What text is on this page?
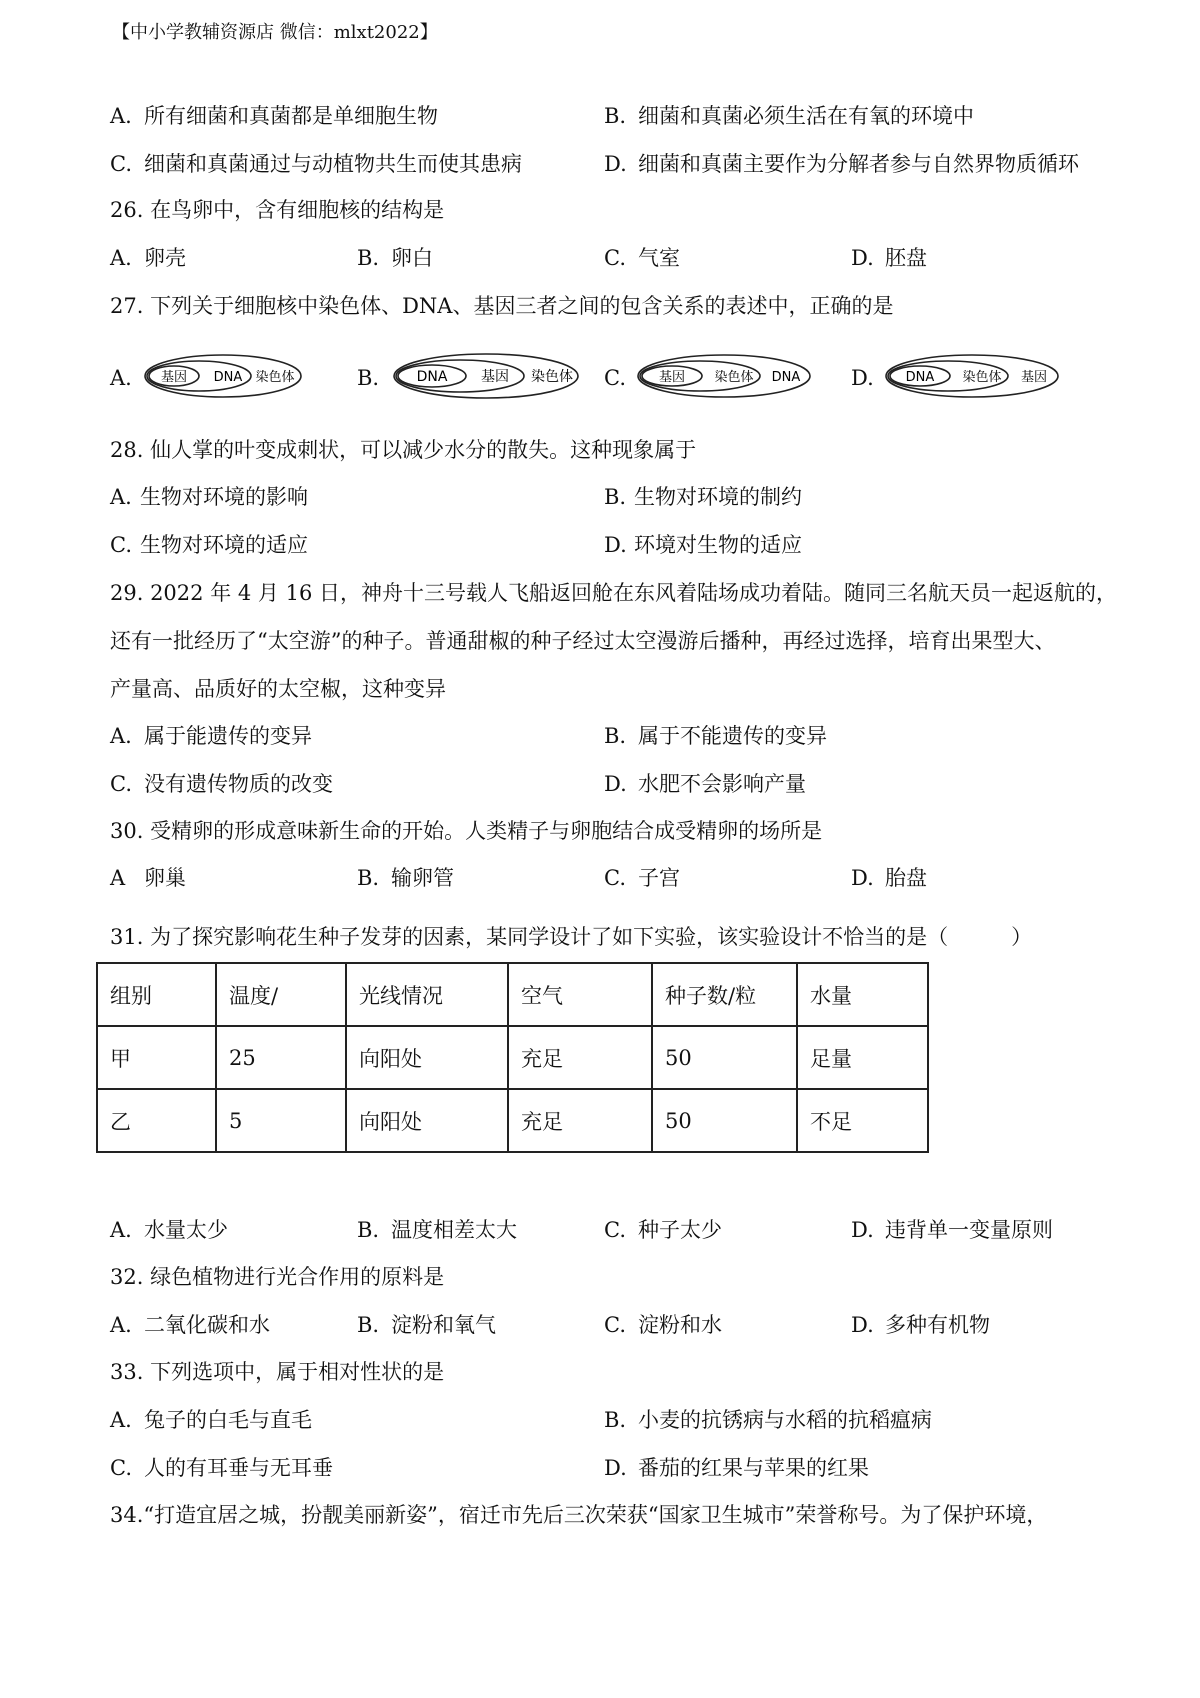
【中小学教辅资源店 微信：mlxt2022】
A. 所有细菌和真菌都是单细胞生物	B. 细菌和真菌必须生活在有氧的环境中
C. 细菌和真菌通过与动植物共生而使其患病	D. 细菌和真菌主要作为分解者参与自然界物质循环
26. 在鸟卵中，含有细胞核的结构是
A. 卵壳	B. 卵白	C. 气室	D. 胚盘
27. 下列关于细胞核中染色体、DNA、基因三者之间的包含关系的表述中，正确的是
A.	基因 DNA 染色体	B.	DNA 基因 染色体 C.	基因 染色体 DNA D.	DNA 染色体 基因
28. 仙人掌的叶变成刺状，可以减少水分的散失。这种现象属于
A. 生物对环境的影响	B. 生物对环境的制约
C. 生物对环境的适应	D. 环境对生物的适应
29. 2022 年 4 月 16 日，神舟十三号载人飞船返回舱在东风着陆场成功着陆。随同三名航天员一起返航的，
还有一批经历了“太空游”的种子。普通甜椒的种子经过太空漫游后播种，再经过选择，培育出果型大、
产量高、品质好的太空椒，这种变异
A. 属于能遗传的变异	B. 属于不能遗传的变异
C. 没有遗传物质的改变	D. 水肥不会影响产量
30. 受精卵的形成意味新生命的开始。人类精子与卵胞结合成受精卵的场所是
A 卵巢	B. 输卵管	C. 子宫	D. 胎盘
31. 为了探究影响花生种子发芽的因素，某同学设计了如下实验，该实验设计不恰当的是（　　　）
组别	温度/	光线情况	空气	种子数/粒	水量
甲	25	向阳处	充足	50	足量
乙	5	向阳处	充足	50	不足
A. 水量太少	B. 温度相差太大	C. 种子太少	D. 违背单一变量原则
32. 绿色植物进行光合作用的原料是
A. 二氧化碳和水	B. 淀粉和氧气	C. 淀粉和水	D. 多种有机物
33. 下列选项中，属于相对性状的是
A. 兔子的白毛与直毛	B. 小麦的抗锈病与水稻的抗稻瘟病
C. 人的有耳垂与无耳垂	D. 番茄的红果与苹果的红果
34.“打造宜居之城，扮靓美丽新姿”，宿迁市先后三次荣获“国家卫生城市”荣誉称号。为了保护环境，
